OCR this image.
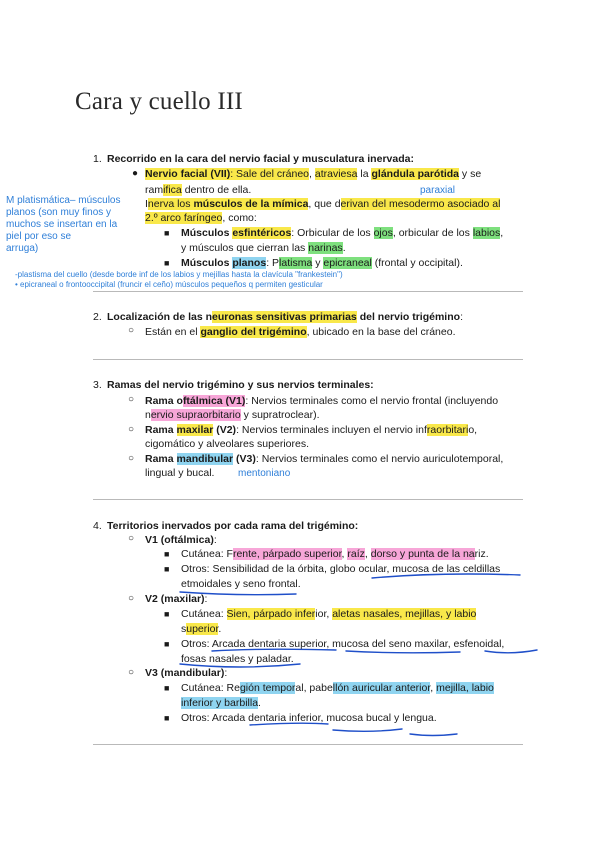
Cara y cuello III
M platismática– músculos
planos (son muy finos y
muchos se insertan en la
piel por eso se
arruga)
paraxial
1. Recorrido en la cara del nervio facial y musculatura inervada:
● Nervio facial (VII): Sale del cráneo, atraviesa la glándula parótida y se
ramifica dentro de ella.
Inerva los músculos de la mímica, que derivan del mesodermo asociado al
2.º arco faríngeo, como:
■ Músculos esfintéricos: Orbicular de los ojos, orbicular de los labios,
y músculos que cierran las narinas.
■ Músculos planos: Platisma y epicraneal (frontal y occipital).
-plastisma del cuello (desde borde inf de los labios y mejillas hasta la clavícula "frankestein")
• epicraneal o frontooccipital (fruncir el ceño) músculos pequeños q permiten gesticular
2. Localización de las neuronas sensitivas primarias del nervio trigémino:
○ Están en el ganglio del trigémino, ubicado en la base del cráneo.
3. Ramas del nervio trigémino y sus nervios terminales:
○ Rama oftálmica (V1): Nervios terminales como el nervio frontal (incluyendo
nervio supraorbitario y supratroclear).
○ Rama maxilar (V2): Nervios terminales incluyen el nervio infraorbitario,
cigomático y alveolares superiores.
○ Rama mandibular (V3): Nervios terminales como el nervio auriculotemporal,
lingual y bucal. mentoniano
4. Territorios inervados por cada rama del trigémino:
○ V1 (oftálmica):
■ Cutánea: Frente, párpado superior, raíz, dorso y punta de la nariz.
■ Otros: Sensibilidad de la órbita, globo ocular, mucosa de las celdillas
etmoidales y seno frontal.
○ V2 (maxilar):
■ Cutánea: Sien, párpado inferior, aletas nasales, mejillas, y labio
superior.
■ Otros: Arcada dentaria superior, mucosa del seno maxilar, esfenoidal,
fosas nasales y paladar.
○ V3 (mandibular):
■ Cutánea: Región temporal, pabellón auricular anterior, mejilla, labio
inferior y barbilla.
■ Otros: Arcada dentaria inferior, mucosa bucal y lengua.
